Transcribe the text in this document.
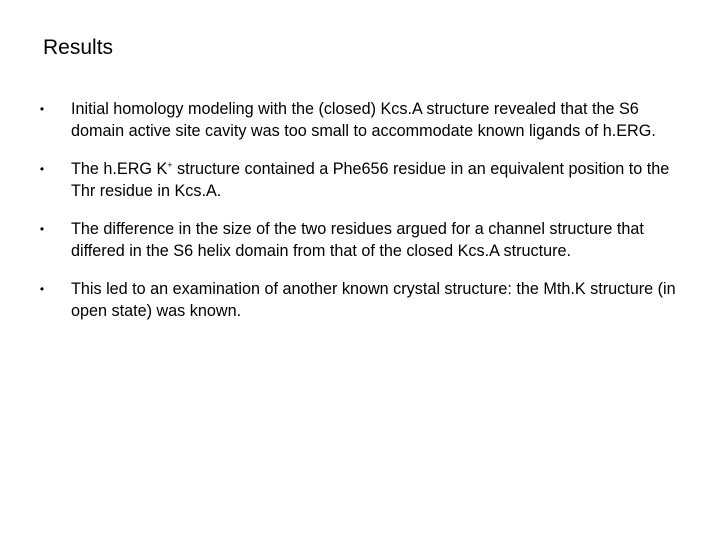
Results
• Initial homology modeling with the (closed) Kcs.A structure revealed that the S6 domain active site cavity was too small to accommodate known ligands of h.ERG.
• The h.ERG K+ structure contained a Phe656 residue in an equivalent position to the Thr residue in Kcs.A.
• The difference in the size of the two residues argued for a channel structure that differed in the S6 helix domain from that of the closed Kcs.A structure.
• This led to an examination of another known crystal structure: the Mth.K structure (in open state) was known.
